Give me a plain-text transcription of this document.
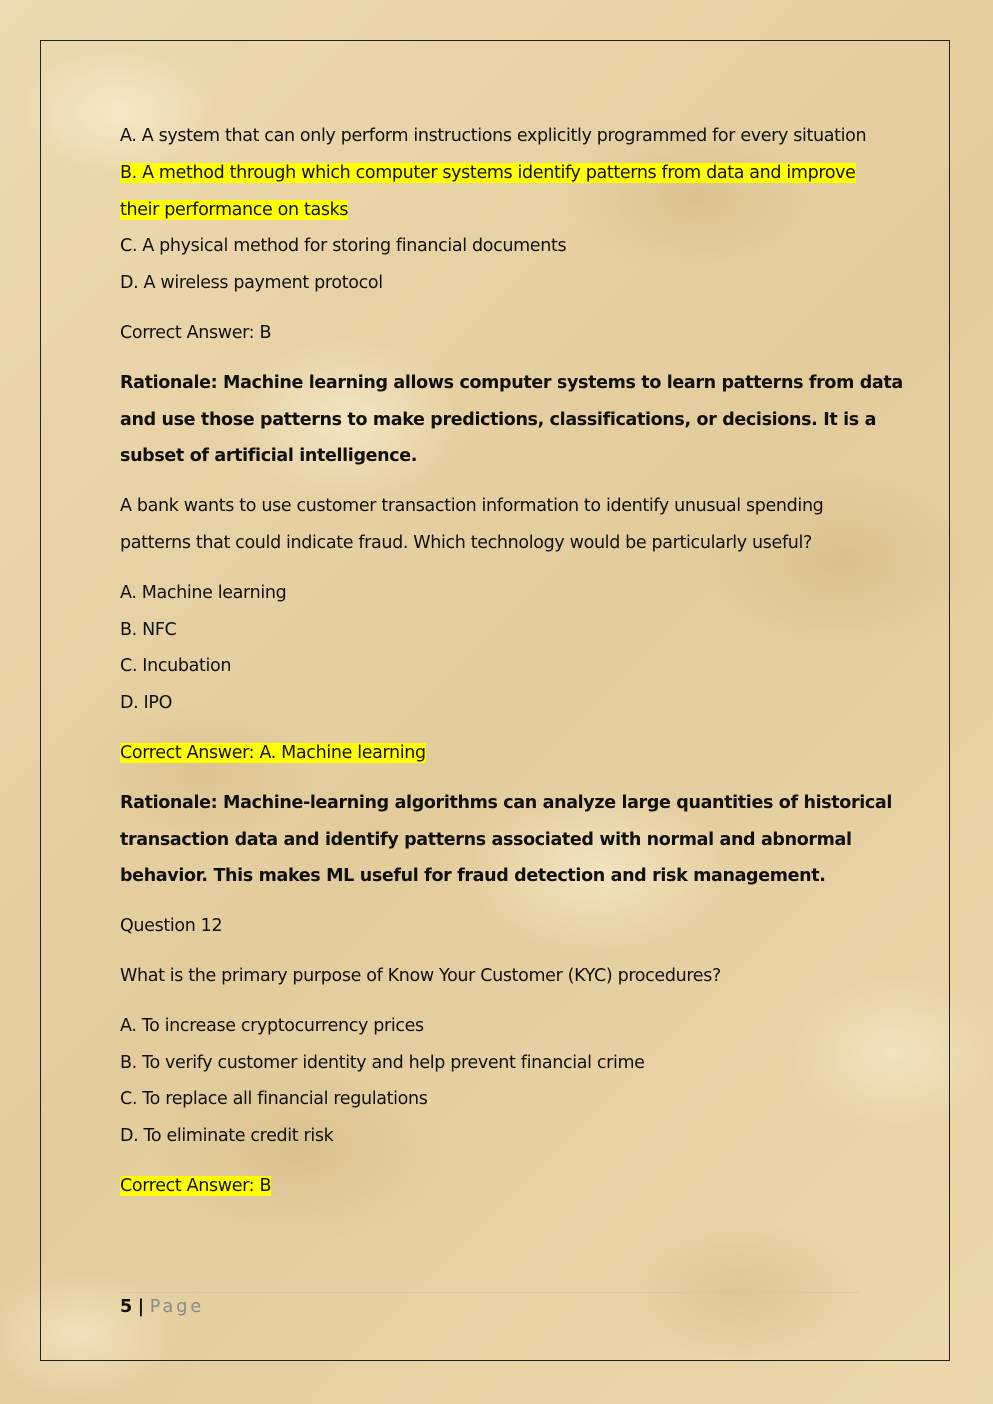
A. A system that can only perform instructions explicitly programmed for every situation
B. A method through which computer systems identify patterns from data and improve
their performance on tasks
C. A physical method for storing financial documents
D. A wireless payment protocol
Correct Answer: B
Rationale: Machine learning allows computer systems to learn patterns from data
and use those patterns to make predictions, classifications, or decisions. It is a
subset of artificial intelligence.
A bank wants to use customer transaction information to identify unusual spending
patterns that could indicate fraud. Which technology would be particularly useful?
A. Machine learning
B. NFC
C. Incubation
D. IPO
Correct Answer: A. Machine learning
Rationale: Machine-learning algorithms can analyze large quantities of historical
transaction data and identify patterns associated with normal and abnormal
behavior. This makes ML useful for fraud detection and risk management.
Question 12
What is the primary purpose of Know Your Customer (KYC) procedures?
A. To increase cryptocurrency prices
B. To verify customer identity and help prevent financial crime
C. To replace all financial regulations
D. To eliminate credit risk
Correct Answer: B
5 | Page
